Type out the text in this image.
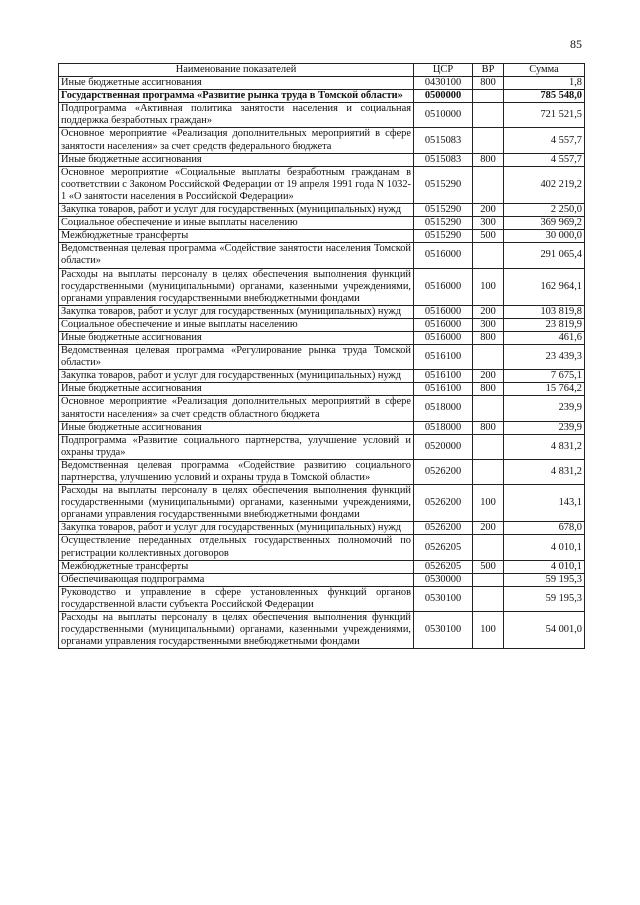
85
Наименование показателей	ЦСР	ВР	Сумма
Иные бюджетные ассигнования	0430100	800	1,8
Государственная программа «Развитие рынка труда в Томской области»	0500000		785 548,0
Подпрограмма «Активная политика занятости населения и социальная поддержка безработных граждан»	0510000		721 521,5
Основное мероприятие «Реализация дополнительных мероприятий в сфере занятости населения» за счет средств федерального бюджета	0515083		4 557,7
Иные бюджетные ассигнования	0515083	800	4 557,7
Основное мероприятие «Социальные выплаты безработным гражданам в соответствии с Законом Российской Федерации от 19 апреля 1991 года N 1032-1 «О занятости населения в Российской Федерации»	0515290		402 219,2
Закупка товаров, работ и услуг для государственных (муниципальных) нужд	0515290	200	2 250,0
Социальное обеспечение и иные выплаты населению	0515290	300	369 969,2
Межбюджетные трансферты	0515290	500	30 000,0
Ведомственная целевая программа «Содействие занятости населения Томской области»	0516000		291 065,4
Расходы на выплаты персоналу в целях обеспечения выполнения функций государственными (муниципальными) органами, казенными учреждениями, органами управления государственными внебюджетными фондами	0516000	100	162 964,1
Закупка товаров, работ и услуг для государственных (муниципальных) нужд	0516000	200	103 819,8
Социальное обеспечение и иные выплаты населению	0516000	300	23 819,9
Иные бюджетные ассигнования	0516000	800	461,6
Ведомственная целевая программа «Регулирование рынка труда Томской области»	0516100		23 439,3
Закупка товаров, работ и услуг для государственных (муниципальных) нужд	0516100	200	7 675,1
Иные бюджетные ассигнования	0516100	800	15 764,2
Основное мероприятие «Реализация дополнительных мероприятий в сфере занятости населения» за счет средств областного бюджета	0518000		239,9
Иные бюджетные ассигнования	0518000	800	239,9
Подпрограмма «Развитие социального партнерства, улучшение условий и охраны труда»	0520000		4 831,2
Ведомственная целевая программа «Содействие развитию социального партнерства, улучшению условий и охраны труда в Томской области»	0526200		4 831,2
Расходы на выплаты персоналу в целях обеспечения выполнения функций государственными (муниципальными) органами, казенными учреждениями, органами управления государственными внебюджетными фондами	0526200	100	143,1
Закупка товаров, работ и услуг для государственных (муниципальных) нужд	0526200	200	678,0
Осуществление переданных отдельных государственных полномочий по регистрации коллективных договоров	0526205		4 010,1
Межбюджетные трансферты	0526205	500	4 010,1
Обеспечивающая подпрограмма	0530000		59 195,3
Руководство и управление в сфере установленных функций органов государственной власти субъекта Российской Федерации	0530100		59 195,3
Расходы на выплаты персоналу в целях обеспечения выполнения функций государственными (муниципальными) органами, казенными учреждениями, органами управления государственными внебюджетными фондами	0530100	100	54 001,0
